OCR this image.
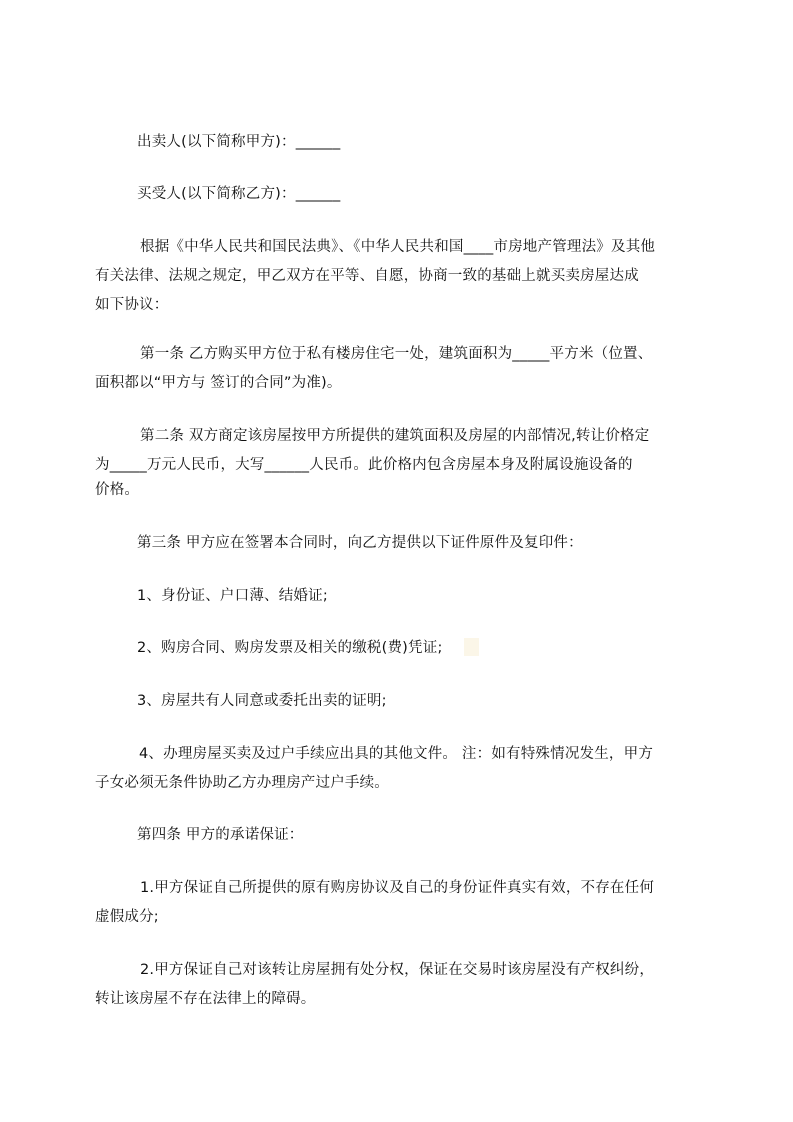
出卖人(以下简称甲方)：______
买受人(以下简称乙方)：______
根据《中华人民共和国民法典》、《中华人民共和国____市房地产管理法》及其他
有关法律、法规之规定，甲乙双方在平等、自愿，协商一致的基础上就买卖房屋达成
如下协议：
第一条 乙方购买甲方位于私有楼房住宅一处，建筑面积为_____平方米（位置、
面积都以“甲方与 签订的合同”为准)。
第二条 双方商定该房屋按甲方所提供的建筑面积及房屋的内部情况,转让价格定
为_____万元人民币，大写______人民币。此价格内包含房屋本身及附属设施设备的
价格。
第三条 甲方应在签署本合同时，向乙方提供以下证件原件及复印件：
1、身份证、户口薄、结婚证;
2、购房合同、购房发票及相关的缴税(费)凭证;
3、房屋共有人同意或委托出卖的证明;
4、办理房屋买卖及过户手续应出具的其他文件。 注：如有特殊情况发生，甲方
子女必须无条件协助乙方办理房产过户手续。
第四条 甲方的承诺保证：
1.甲方保证自己所提供的原有购房协议及自己的身份证件真实有效，不存在任何
虚假成分;
2.甲方保证自己对该转让房屋拥有处分权，保证在交易时该房屋没有产权纠纷，
转让该房屋不存在法律上的障碍。
